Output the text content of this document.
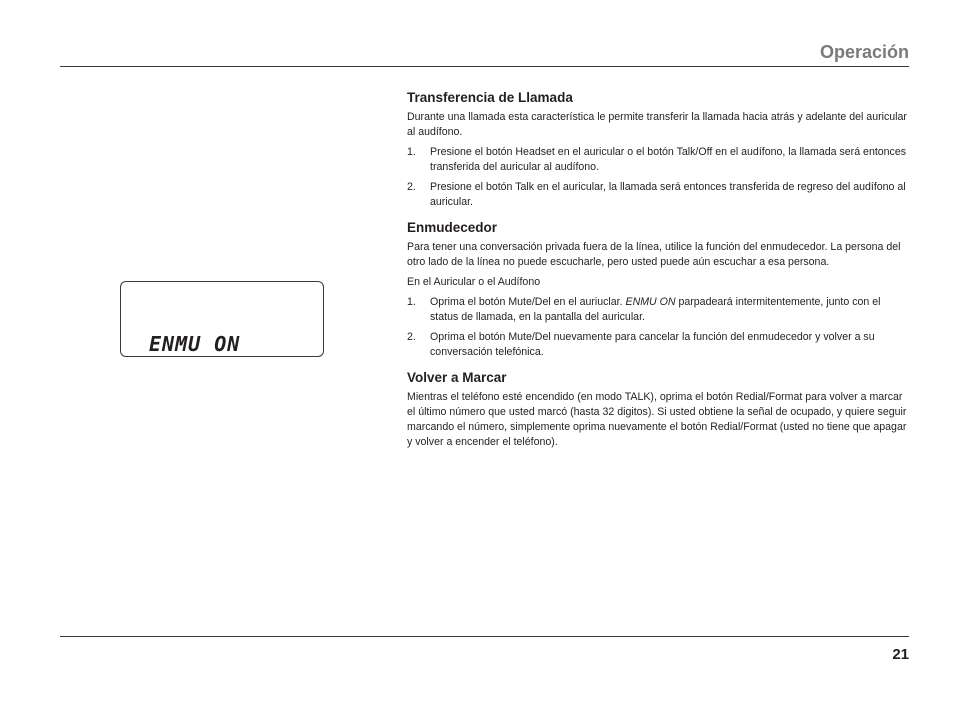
Operación
ENMU ON
Transferencia de Llamada

Durante una llamada esta característica le permite transferir la llamada hacia atrás y adelante del auricular al audífono.

1. Presione el botón Headset en el auricular o el botón Talk/Off en el audífono, la llamada será entonces transferida del auricular al audífono.
2. Presione el botón Talk en el auricular, la llamada será entonces transferida de regreso del audífono al auricular.
Enmudecedor

Para tener una conversación privada fuera de la línea, utilice la función del enmudecedor. La persona del otro lado de la línea no puede escucharle, pero usted puede aún escuchar a esa persona.

En el Auricular o el Audífono

1. Oprima el botón Mute/Del en el auriuclar. ENMU ON parpadeará intermitentemente, junto con el status de llamada, en la pantalla del auricular.
2. Oprima el botón Mute/Del nuevamente para cancelar la función del enmudecedor y volver a su conversación telefónica.
Volver a Marcar

Mientras el teléfono esté encendido (en modo TALK), oprima el botón Redial/Format para volver a marcar el último número que usted marcó (hasta 32 digitos). Si usted obtiene la señal de ocupado, y quiere seguir marcando el número, simplemente oprima nuevamente el botón Redial/Format (usted no tiene que apagar y volver a encender el teléfono).

21
